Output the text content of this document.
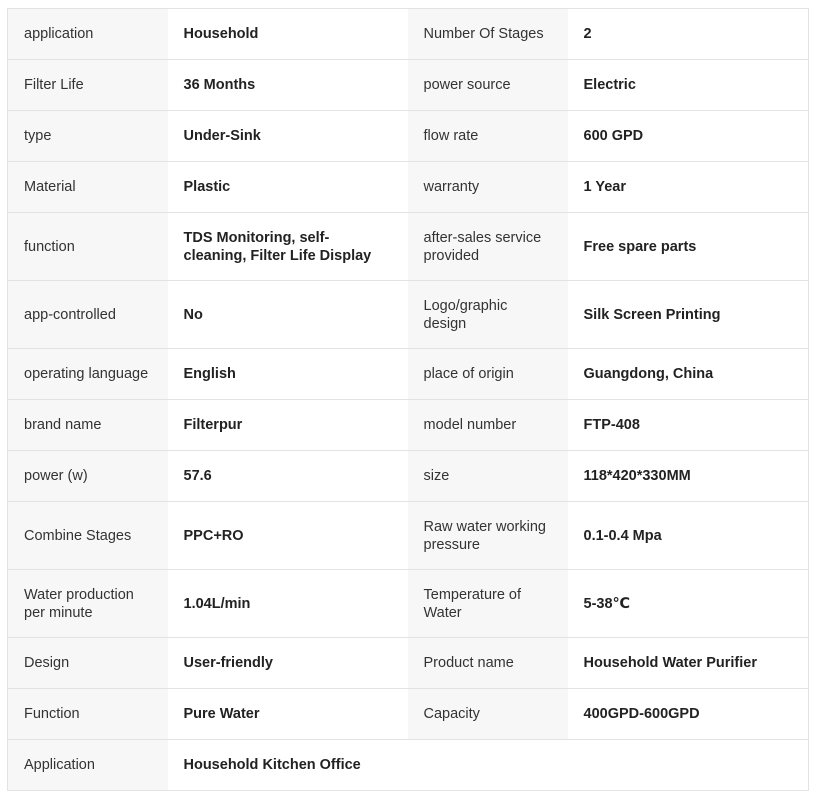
application	Household	Number Of Stages	2
Filter Life	36 Months	power source	Electric
type	Under-Sink	flow rate	600 GPD
Material	Plastic	warranty	1 Year
function	TDS Monitoring, self-cleaning, Filter Life Display	after-sales service provided	Free spare parts
app-controlled	No	Logo/graphic design	Silk Screen Printing
operating language	English	place of origin	Guangdong, China
brand name	Filterpur	model number	FTP-408
power (w)	57.6	size	118*420*330MM
Combine Stages	PPC+RO	Raw water working pressure	0.1-0.4 Mpa
Water production per minute	1.04L/min	Temperature of Water	5-38℃
Design	User-friendly	Product name	Household Water Purifier
Function	Pure Water	Capacity	400GPD-600GPD
Application	Household Kitchen Office		
